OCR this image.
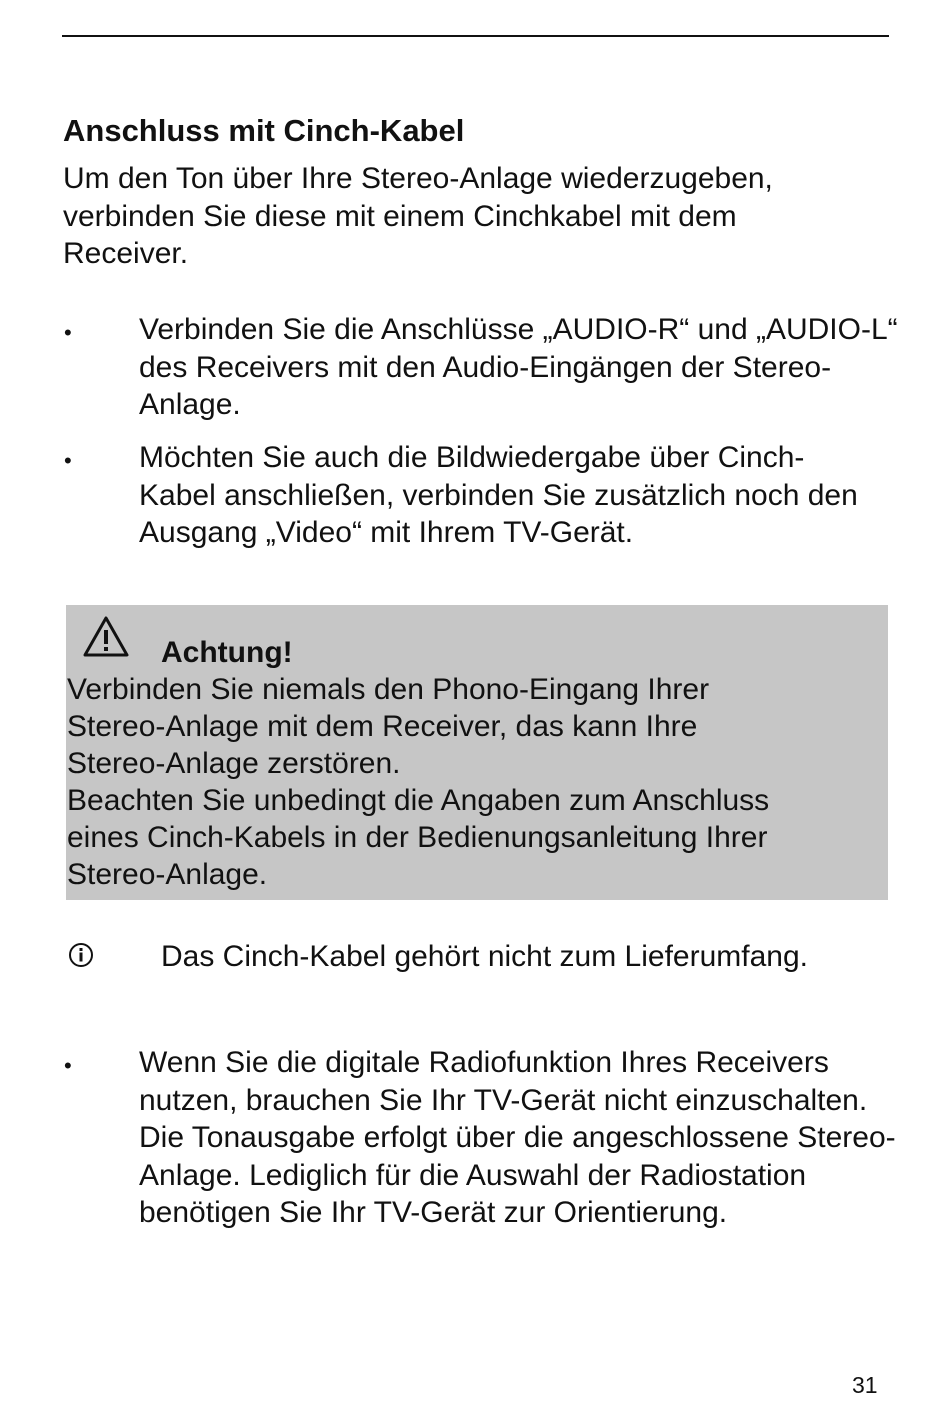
Anschluss mit Cinch-Kabel

Um den Ton über Ihre Stereo-Anlage wiederzugeben, verbinden Sie diese mit einem Cinchkabel mit dem Receiver.

• Verbinden Sie die Anschlüsse „AUDIO-R“ und „AUDIO-L“ des Receivers mit den Audio-Eingängen der Stereo-Anlage.

• Möchten Sie auch die Bildwiedergabe über Cinch-Kabel anschließen, verbinden Sie zusätzlich noch den Ausgang „Video“ mit Ihrem TV-Gerät.

Achtung!

Verbinden Sie niemals den Phono-Eingang Ihrer Stereo-Anlage mit dem Receiver, das kann Ihre Stereo-Anlage zerstören.

Beachten Sie unbedingt die Angaben zum Anschluss eines Cinch-Kabels in der Bedienungsanleitung Ihrer Stereo-Anlage.

Das Cinch-Kabel gehört nicht zum Lieferumfang.

• Wenn Sie die digitale Radiofunktion Ihres Receivers nutzen, brauchen Sie Ihr TV-Gerät nicht einzuschalten. Die Tonausgabe erfolgt über die angeschlossene Stereo-Anlage. Lediglich für die Auswahl der Radiostation benötigen Sie Ihr TV-Gerät zur Orientierung.

31
